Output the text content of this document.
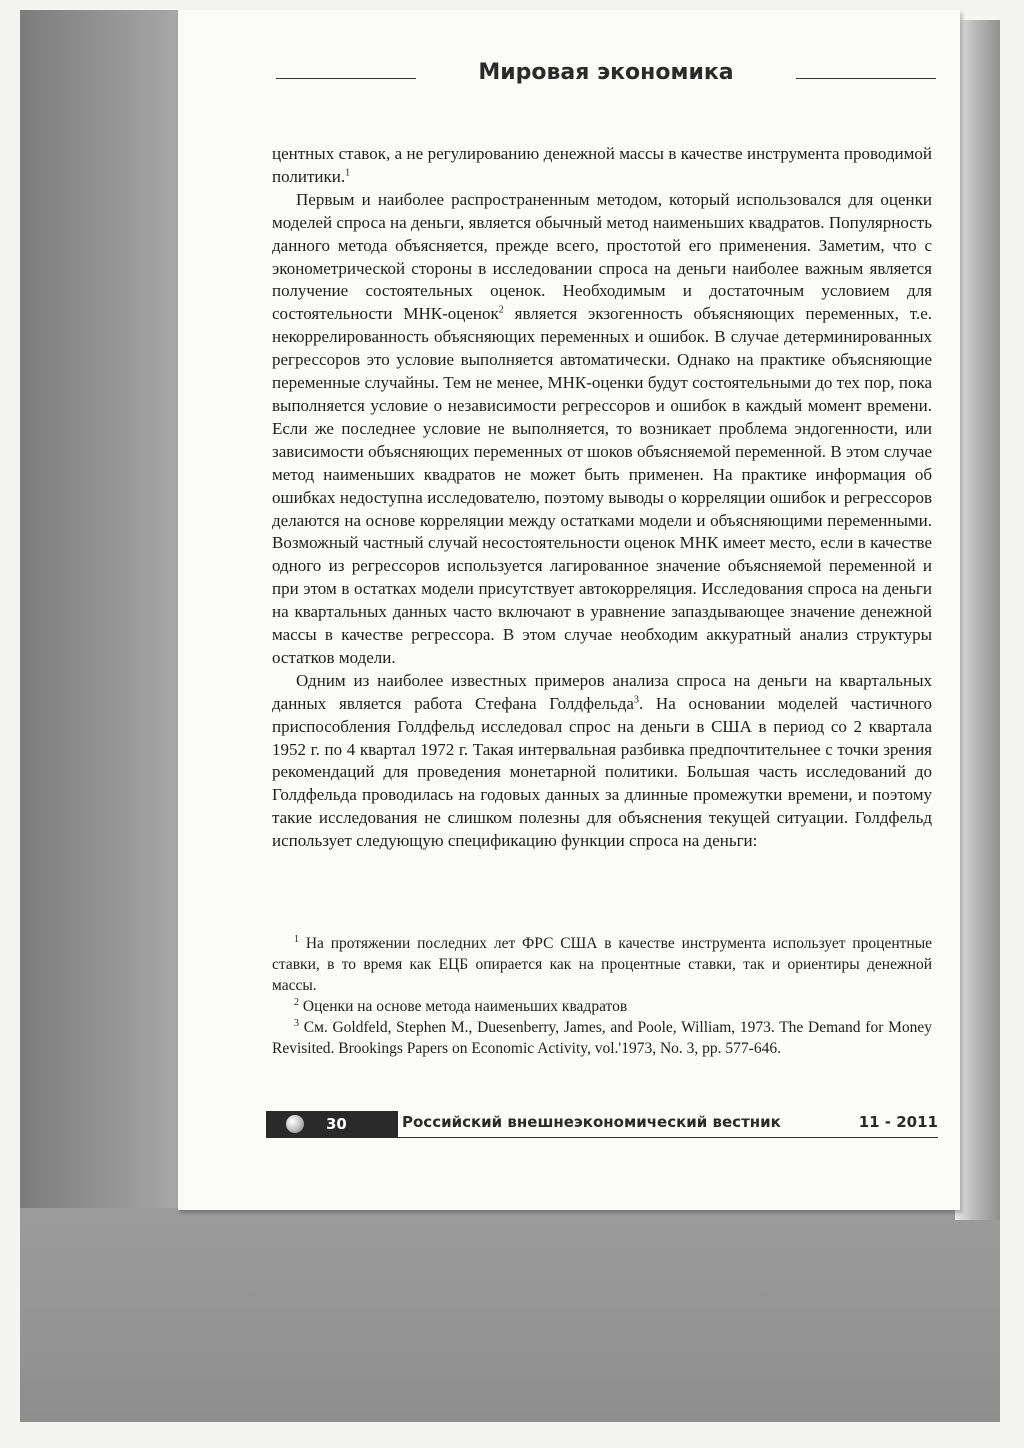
Мировая экономика

центных ставок, а не регулированию денежной массы в качестве инструмента проводимой политики.$^1$

Первым и наиболее распространенным методом, который использовался для оценки моделей спроса на деньги, является обычный метод наименьших квадратов. Популярность данного метода объясняется, прежде всего, простотой его применения. Заметим, что с эконометрической стороны в исследовании спроса на деньги наиболее важным является получение состоятельных оценок. Необходимым и достаточным условием для состоятельности МНК-оценок$^2$ является экзогенность объясняющих переменных, т.е. некоррелированность объясняющих переменных и ошибок. В случае детерминированных регрессоров это условие выполняется автоматически. Однако на практике объясняющие переменные случайны. Тем не менее, МНК-оценки будут состоятельными до тех пор, пока выполняется условие о независимости регрессоров и ошибок в каждый момент времени. Если же последнее условие не выполняется, то возникает проблема эндогенности, или зависимости объясняющих переменных от шоков объясняемой переменной. В этом случае метод наименьших квадратов не может быть применен. На практике информация об ошибках недоступна исследователю, поэтому выводы о корреляции ошибок и регрессоров делаются на основе корреляции между остатками модели и объясняющими переменными. Возможный частный случай несостоятельности оценок МНК имеет место, если в качестве одного из регрессоров используется лагированное значение объясняемой переменной и при этом в остатках модели присутствует автокорреляция. Исследования спроса на деньги на квартальных данных часто включают в уравнение запаздывающее значение денежной массы в качестве регрессора. В этом случае необходим аккуратный анализ структуры остатков модели.

Одним из наиболее известных примеров анализа спроса на деньги на квартальных данных является работа Стефана Голдфельда$^3$. На основании моделей частичного приспособления Голдфельд исследовал спрос на деньги в США в период со 2 квартала 1952 г. по 4 квартал 1972 г. Такая интервальная разбивка предпочтительнее с точки зрения рекомендаций для проведения монетарной политики. Большая часть исследований до Голдфельда проводилась на годовых данных за длинные промежутки времени, и поэтому такие исследования не слишком полезны для объяснения текущей ситуации. Голдфельд использует следующую спецификацию функции спроса на деньги:

$^1$ На протяжении последних лет ФРС США в качестве инструмента использует процентные ставки, в то время как ЕЦБ опирается как на процентные ставки, так и ориентиры денежной массы.

$^2$ Оценки на основе метода наименьших квадратов

$^3$ См. Goldfeld, Stephen M., Duesenberry, James, and Poole, William, 1973. The Demand for Money Revisited. Brookings Papers on Economic Activity, vol.'1973, No. 3, pp. 577-646.

30	Российский внешнеэкономический вестник	11 - 2011
